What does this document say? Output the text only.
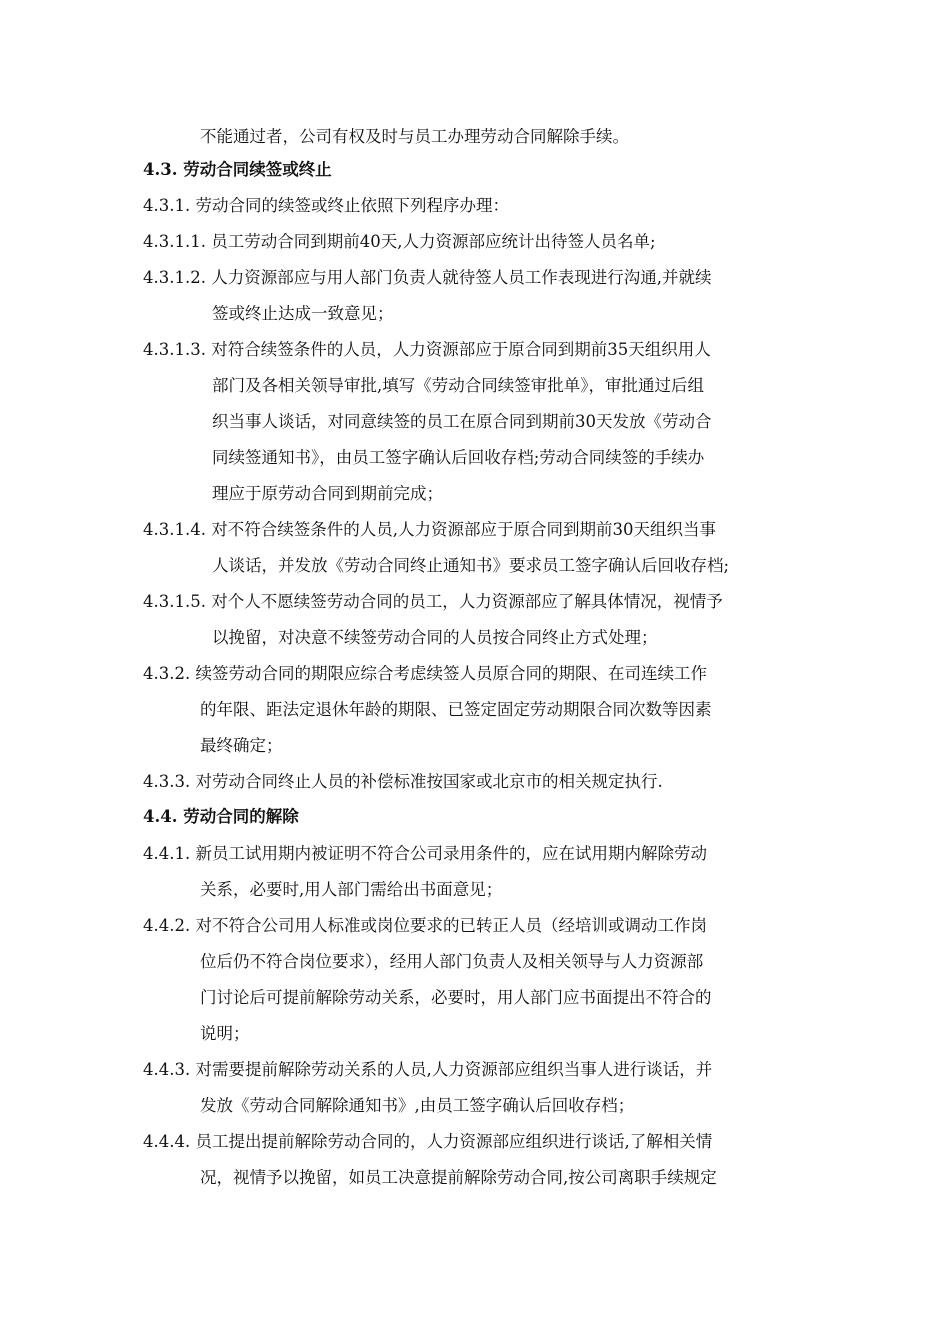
不能通过者，公司有权及时与员工办理劳动合同解除手续。
4.3. 劳动合同续签或终止
4.3.1. 劳动合同的续签或终止依照下列程序办理：
4.3.1.1. 员工劳动合同到期前40天,人力资源部应统计出待签人员名单;
4.3.1.2. 人力资源部应与用人部门负责人就待签人员工作表现进行沟通,并就续
签或终止达成一致意见；
4.3.1.3. 对符合续签条件的人员，人力资源部应于原合同到期前35天组织用人
部门及各相关领导审批,填写《劳动合同续签审批单》，审批通过后组
织当事人谈话，对同意续签的员工在原合同到期前30天发放《劳动合
同续签通知书》，由员工签字确认后回收存档;劳动合同续签的手续办
理应于原劳动合同到期前完成；
4.3.1.4. 对不符合续签条件的人员,人力资源部应于原合同到期前30天组织当事
人谈话，并发放《劳动合同终止通知书》要求员工签字确认后回收存档;
4.3.1.5. 对个人不愿续签劳动合同的员工，人力资源部应了解具体情况，视情予
以挽留，对决意不续签劳动合同的人员按合同终止方式处理；
4.3.2. 续签劳动合同的期限应综合考虑续签人员原合同的期限、在司连续工作
的年限、距法定退休年龄的期限、已签定固定劳动期限合同次数等因素
最终确定；
4.3.3. 对劳动合同终止人员的补偿标准按国家或北京市的相关规定执行.
4.4. 劳动合同的解除
4.4.1. 新员工试用期内被证明不符合公司录用条件的，应在试用期内解除劳动
关系，必要时,用人部门需给出书面意见；
4.4.2. 对不符合公司用人标准或岗位要求的已转正人员（经培训或调动工作岗
位后仍不符合岗位要求），经用人部门负责人及相关领导与人力资源部
门讨论后可提前解除劳动关系，必要时，用人部门应书面提出不符合的
说明；
4.4.3. 对需要提前解除劳动关系的人员,人力资源部应组织当事人进行谈话，并
发放《劳动合同解除通知书》,由员工签字确认后回收存档；
4.4.4. 员工提出提前解除劳动合同的，人力资源部应组织进行谈话,了解相关情
况，视情予以挽留，如员工决意提前解除劳动合同,按公司离职手续规定
